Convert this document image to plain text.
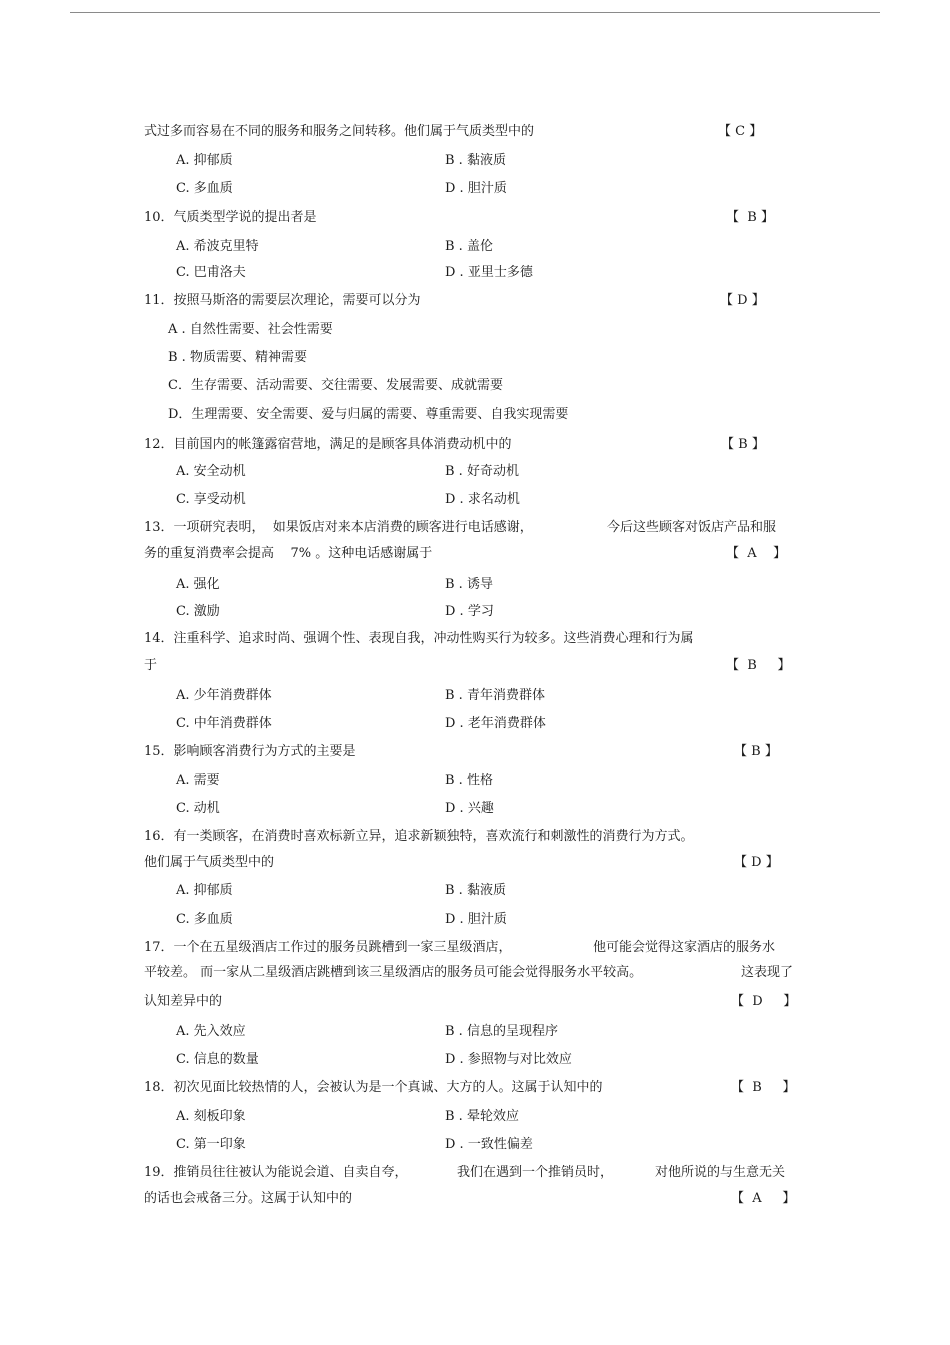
式过多而容易在不同的服务和服务之间转移。他们属于气质类型中的	【 C 】
A. 抑郁质	B . 黏液质
C. 多血质	D . 胆汁质
10．气质类型学说的提出者是	【  B 】
A. 希波克里特	B . 盖伦
C. 巴甫洛夫	D . 亚里士多德
11．按照马斯洛的需要层次理论，需要可以分为	【 D 】
A . 自然性需要、社会性需要
B . 物质需要、精神需要
C．生存需要、活动需要、交往需要、发展需要、成就需要
D．生理需要、安全需要、爱与归属的需要、尊重需要、自我实现需要
12．目前国内的帐篷露宿营地，满足的是顾客具体消费动机中的	【 B 】
A. 安全动机	B . 好奇动机
C. 享受动机	D . 求名动机
13．一项研究表明，  如果饭店对来本店消费的顾客进行电话感谢，	今后这些顾客对饭店产品和服
务的重复消费率会提高    7% 。这种电话感谢属于	【  A    】
A. 强化	B . 诱导
C. 激励	D . 学习
14．注重科学、追求时尚、强调个性、表现自我，冲动性购买行为较多。这些消费心理和行为属
于	【  B     】
A. 少年消费群体	B . 青年消费群体
C. 中年消费群体	D . 老年消费群体
15．影响顾客消费行为方式的主要是	【 B 】
A. 需要	B . 性格
C. 动机	D . 兴趣
16．有一类顾客，在消费时喜欢标新立异，追求新颖独特，喜欢流行和刺激性的消费行为方式。
他们属于气质类型中的	【 D 】
A. 抑郁质	B . 黏液质
C. 多血质	D . 胆汁质
17．一个在五星级酒店工作过的服务员跳槽到一家三星级酒店，	他可能会觉得这家酒店的服务水
平较差。 而一家从二星级酒店跳槽到该三星级酒店的服务员可能会觉得服务水平较高。	这表现了
认知差异中的	【  D     】
A. 先入效应	B . 信息的呈现程序
C. 信息的数量	D . 参照物与对比效应
18．初次见面比较热情的人，会被认为是一个真诚、大方的人。这属于认知中的	【  B     】
A. 刻板印象	B . 晕轮效应
C. 第一印象	D . 一致性偏差
19．推销员往往被认为能说会道、自卖自夸，	我们在遇到一个推销员时，	对他所说的与生意无关
的话也会戒备三分。这属于认知中的	【  A     】
